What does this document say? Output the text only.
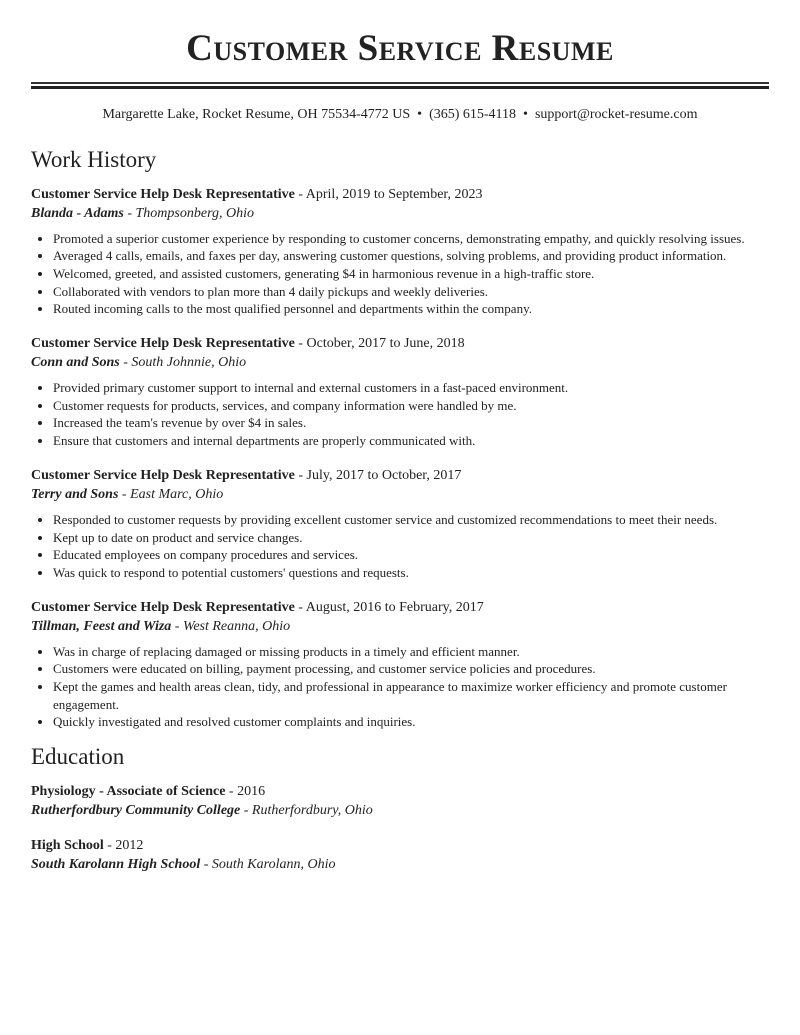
Customer Service Resume
Margarette Lake, Rocket Resume, OH 75534-4772 US • (365) 615-4118 • support@rocket-resume.com
Work History
Customer Service Help Desk Representative - April, 2019 to September, 2023
Blanda - Adams - Thompsonberg, Ohio
• Promoted a superior customer experience by responding to customer concerns, demonstrating empathy, and quickly resolving issues.
• Averaged 4 calls, emails, and faxes per day, answering customer questions, solving problems, and providing product information.
• Welcomed, greeted, and assisted customers, generating $4 in harmonious revenue in a high-traffic store.
• Collaborated with vendors to plan more than 4 daily pickups and weekly deliveries.
• Routed incoming calls to the most qualified personnel and departments within the company.
Customer Service Help Desk Representative - October, 2017 to June, 2018
Conn and Sons - South Johnnie, Ohio
• Provided primary customer support to internal and external customers in a fast-paced environment.
• Customer requests for products, services, and company information were handled by me.
• Increased the team's revenue by over $4 in sales.
• Ensure that customers and internal departments are properly communicated with.
Customer Service Help Desk Representative - July, 2017 to October, 2017
Terry and Sons - East Marc, Ohio
• Responded to customer requests by providing excellent customer service and customized recommendations to meet their needs.
• Kept up to date on product and service changes.
• Educated employees on company procedures and services.
• Was quick to respond to potential customers' questions and requests.
Customer Service Help Desk Representative - August, 2016 to February, 2017
Tillman, Feest and Wiza - West Reanna, Ohio
• Was in charge of replacing damaged or missing products in a timely and efficient manner.
• Customers were educated on billing, payment processing, and customer service policies and procedures.
• Kept the games and health areas clean, tidy, and professional in appearance to maximize worker efficiency and promote customer engagement.
• Quickly investigated and resolved customer complaints and inquiries.
Education
Physiology - Associate of Science - 2016
Rutherfordbury Community College - Rutherfordbury, Ohio
High School - 2012
South Karolann High School - South Karolann, Ohio
